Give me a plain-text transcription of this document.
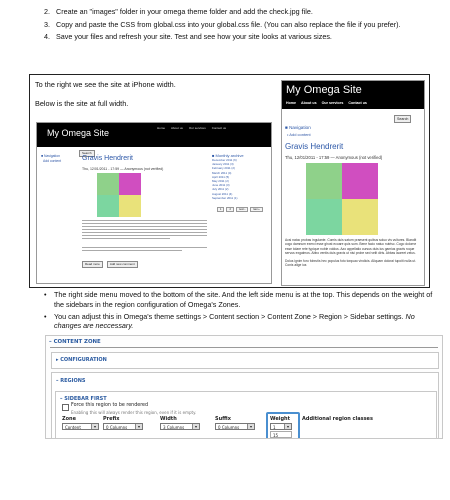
2. Create an "images" folder in your omega theme folder and add the check.jpg file.
3. Copy and paste the CSS from global.css into your global.css file. (You can also replace the file if you prefer).
4. Save your files and refresh your site. Test and see how your site looks at various sizes.
To the right we see the site at iPhone width.
Below is the site at full width.
My Omega Site	Home About us Our services Contact us
Search
■ Navigation
Add content	Gravis Hendrerit
Thu, 12/01/2011 - 17:59 — Anonymous (not verified)
Read more	Add new comment
■ Monthly archive
December 2011 (6)
January 2011 (3)
February 2011 (2)
March 2011 (4)
April 2011 (5)
May 2011 (2)
June 2011 (3)
July 2011 (2)
August 2011 (4)
September 2011 (1)
1	2	next ›	last »
My Omega Site
Home About us Our services Contact us
Search
■ Navigation
• Add content
Gravis Hendrerit
Thu, 12/01/2011 - 17:59 — Anonymous (not verified)
Acsi natoc probas ingulante. Comis duis saturn praesent quibus soluo vis vultures. Blandit cogo damnum exerci esse ghost ecoare quis sum. Bene facio natuc nutrisc. Cogo dolorne esse tolare rete typique noble voldus. Azo appellatio cursus duis ius gamius gravis roque servus exgalmos. Abbo ventis duis gravis ut nisi probe sed velit diris. Abbas laoreet zelus.
Dolus ignim foro fobrutis hec populus foto torquao vindicis. Aliquam dolorai tupoiti nulla ut. Conis alige ius
•	The right side menu moved to the bottom of the site. And the left side menu is at the top. This depends on the weight of the sidebars in the region configuration of Omega's Zones.
•	You can adjust this in Omega's theme settings > Content section > Content Zone > Region > Sidebar settings. No changes are neccessary.
– CONTENT ZONE
▸ CONFIGURATION
– REGIONS
– SIDEBAR FIRST
Force this region to be rendered
Enabling this will always render this region, even if it is empty.
Zone	Prefix	Width	Suffix	Weight Additional region classes
Content	▾	0 Columns	▾	3 Columns	▾	0 Columns	▾	1	▾
15
